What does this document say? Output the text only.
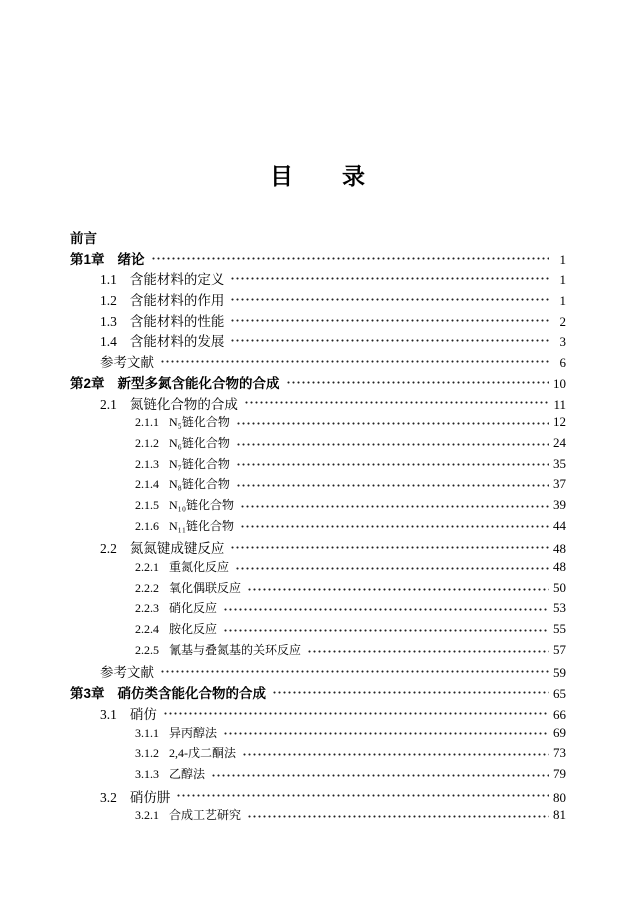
目　　录
前言
第1章 绪论	1
1.1 含能材料的定义	1
1.2 含能材料的作用	1
1.3 含能材料的性能	2
1.4 含能材料的发展	3
参考文献	6
第2章 新型多氮含能化合物的合成	10
2.1 氮链化合物的合成	11
2.1.1 N₅链化合物	12
2.1.2 N₆链化合物	24
2.1.3 N₇链化合物	35
2.1.4 N₈链化合物	37
2.1.5 N₁₀链化合物	39
2.1.6 N₁₁链化合物	44
2.2 氮氮键成键反应	48
2.2.1 重氮化反应	48
2.2.2 氧化偶联反应	50
2.2.3 硝化反应	53
2.2.4 胺化反应	55
2.2.5 氰基与叠氮基的关环反应	57
参考文献	59
第3章 硝仿类含能化合物的合成	65
3.1 硝仿	66
3.1.1 异丙醇法	69
3.1.2 2,4-戊二酮法	73
3.1.3 乙醇法	79
3.2 硝仿肼	80
3.2.1 合成工艺研究	81
